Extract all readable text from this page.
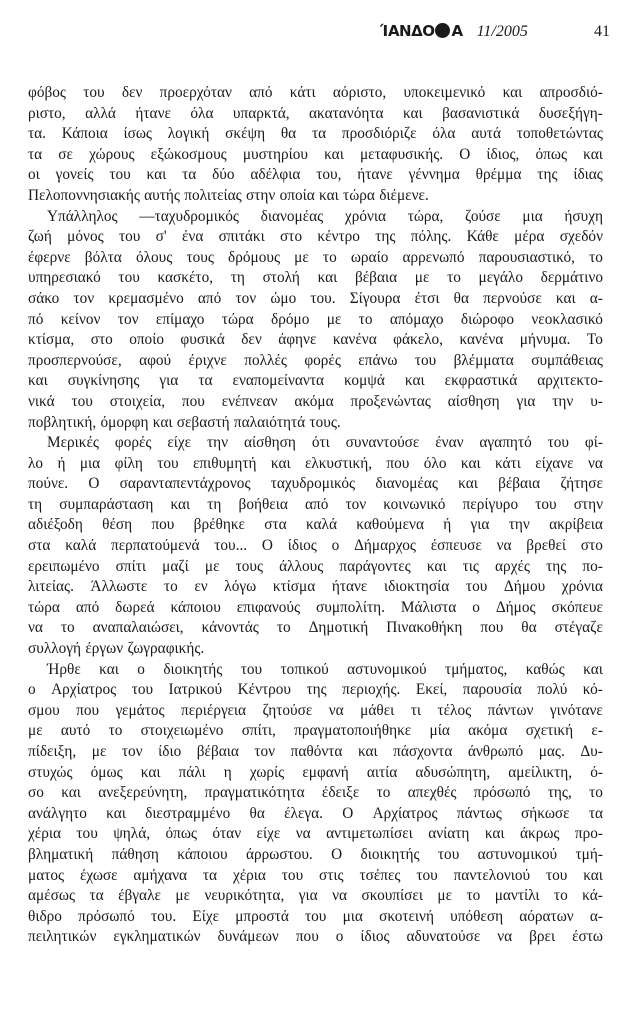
ΊΑΝΔΟ Α 11/2005	41
φόβος του δεν προερχόταν από κάτι αόριστο, υποκειμενικό και απροσδιό-
ριστο, αλλά ήτανε όλα υπαρκτά, ακατανόητα και βασανιστικά δυσεξήγη-
τα. Κάποια ίσως λογική σκέψη θα τα προσδιόριζε όλα αυτά τοποθετώντας
τα σε χώρους εξώκοσμους μυστηρίου και μεταφυσικής. Ο ίδιος, όπως και
οι γονείς του και τα δύο αδέλφια του, ήτανε γέννημα θρέμμα της ίδιας
Πελοποννησιακής αυτής πολιτείας στην οποία και τώρα διέμενε.
Υπάλληλος —ταχυδρομικός διανομέας χρόνια τώρα, ζούσε μια ήσυχη
ζωή μόνος του σ' ένα σπιτάκι στο κέντρο της πόλης. Κάθε μέρα σχεδόν
έφερνε βόλτα όλους τους δρόμους με το ωραίο αρρενωπό παρουσιαστικό, το
υπηρεσιακό του κασκέτο, τη στολή και βέβαια με το μεγάλο δερμάτινο
σάκο τον κρεμασμένο από τον ώμο του. Σίγουρα έτσι θα περνούσε και α-
πό κείνον τον επίμαχο τώρα δρόμο με το απόμαχο διώροφο νεοκλασικό
κτίσμα, στο οποίο φυσικά δεν άφηνε κανένα φάκελο, κανένα μήνυμα. Το
προσπερνούσε, αφού έριχνε πολλές φορές επάνω του βλέμματα συμπάθειας
και συγκίνησης για τα εναπομείναντα κομψά και εκφραστικά αρχιτεκτο-
νικά του στοιχεία, που ενέπνεαν ακόμα προξενώντας αίσθηση για την υ-
ποβλητική, όμορφη και σεβαστή παλαιότητά τους.
Μερικές φορές είχε την αίσθηση ότι συναντούσε έναν αγαπητό του φί-
λο ή μια φίλη του επιθυμητή και ελκυστική, που όλο και κάτι είχανε να
πούνε. Ο σαρανταπεντάχρονος ταχυδρομικός διανομέας και βέβαια ζήτησε
τη συμπαράσταση και τη βοήθεια από τον κοινωνικό περίγυρο του στην
αδιέξοδη θέση που βρέθηκε στα καλά καθούμενα ή για την ακρίβεια
στα καλά περπατούμενά του... Ο ίδιος ο Δήμαρχος έσπευσε να βρεθεί στο
ερειπωμένο σπίτι μαζί με τους άλλους παράγοντες και τις αρχές της πο-
λιτείας. Άλλωστε το εν λόγω κτίσμα ήτανε ιδιοκτησία του Δήμου χρόνια
τώρα από δωρεά κάποιου επιφανούς συμπολίτη. Μάλιστα ο Δήμος σκόπευε
να το αναπαλαιώσει, κάνοντάς το Δημοτική Πινακοθήκη που θα στέγαζε
συλλογή έργων ζωγραφικής.
Ήρθε και ο διοικητής του τοπικού αστυνομικού τμήματος, καθώς και
ο Αρχίατρος του Ιατρικού Κέντρου της περιοχής. Εκεί, παρουσία πολύ κό-
σμου που γεμάτος περιέργεια ζητούσε να μάθει τι τέλος πάντων γινότανε
με αυτό το στοιχειωμένο σπίτι, πραγματοποιήθηκε μία ακόμα σχετική ε-
πίδειξη, με τον ίδιο βέβαια τον παθόντα και πάσχοντα άνθρωπό μας. Δυ-
στυχώς όμως και πάλι η χωρίς εμφανή αιτία αδυσώπητη, αμείλικτη, ό-
σο και ανεξερεύνητη, πραγματικότητα έδειξε το απεχθές πρόσωπό της, το
ανάλγητο και διεστραμμένο θα έλεγα. Ο Αρχίατρος πάντως σήκωσε τα
χέρια του ψηλά, όπως όταν είχε να αντιμετωπίσει ανίατη και άκρως προ-
βληματική πάθηση κάποιου άρρωστου. Ο διοικητής του αστυνομικού τμή-
ματος έχωσε αμήχανα τα χέρια του στις τσέπες του παντελονιού του και
αμέσως τα έβγαλε με νευρικότητα, για να σκουπίσει με το μαντίλι το κά-
θιδρο πρόσωπό του. Είχε μπροστά του μια σκοτεινή υπόθεση αόρατων α-
πειλητικών εγκληματικών δυνάμεων που ο ίδιος αδυνατούσε να βρει έστω
